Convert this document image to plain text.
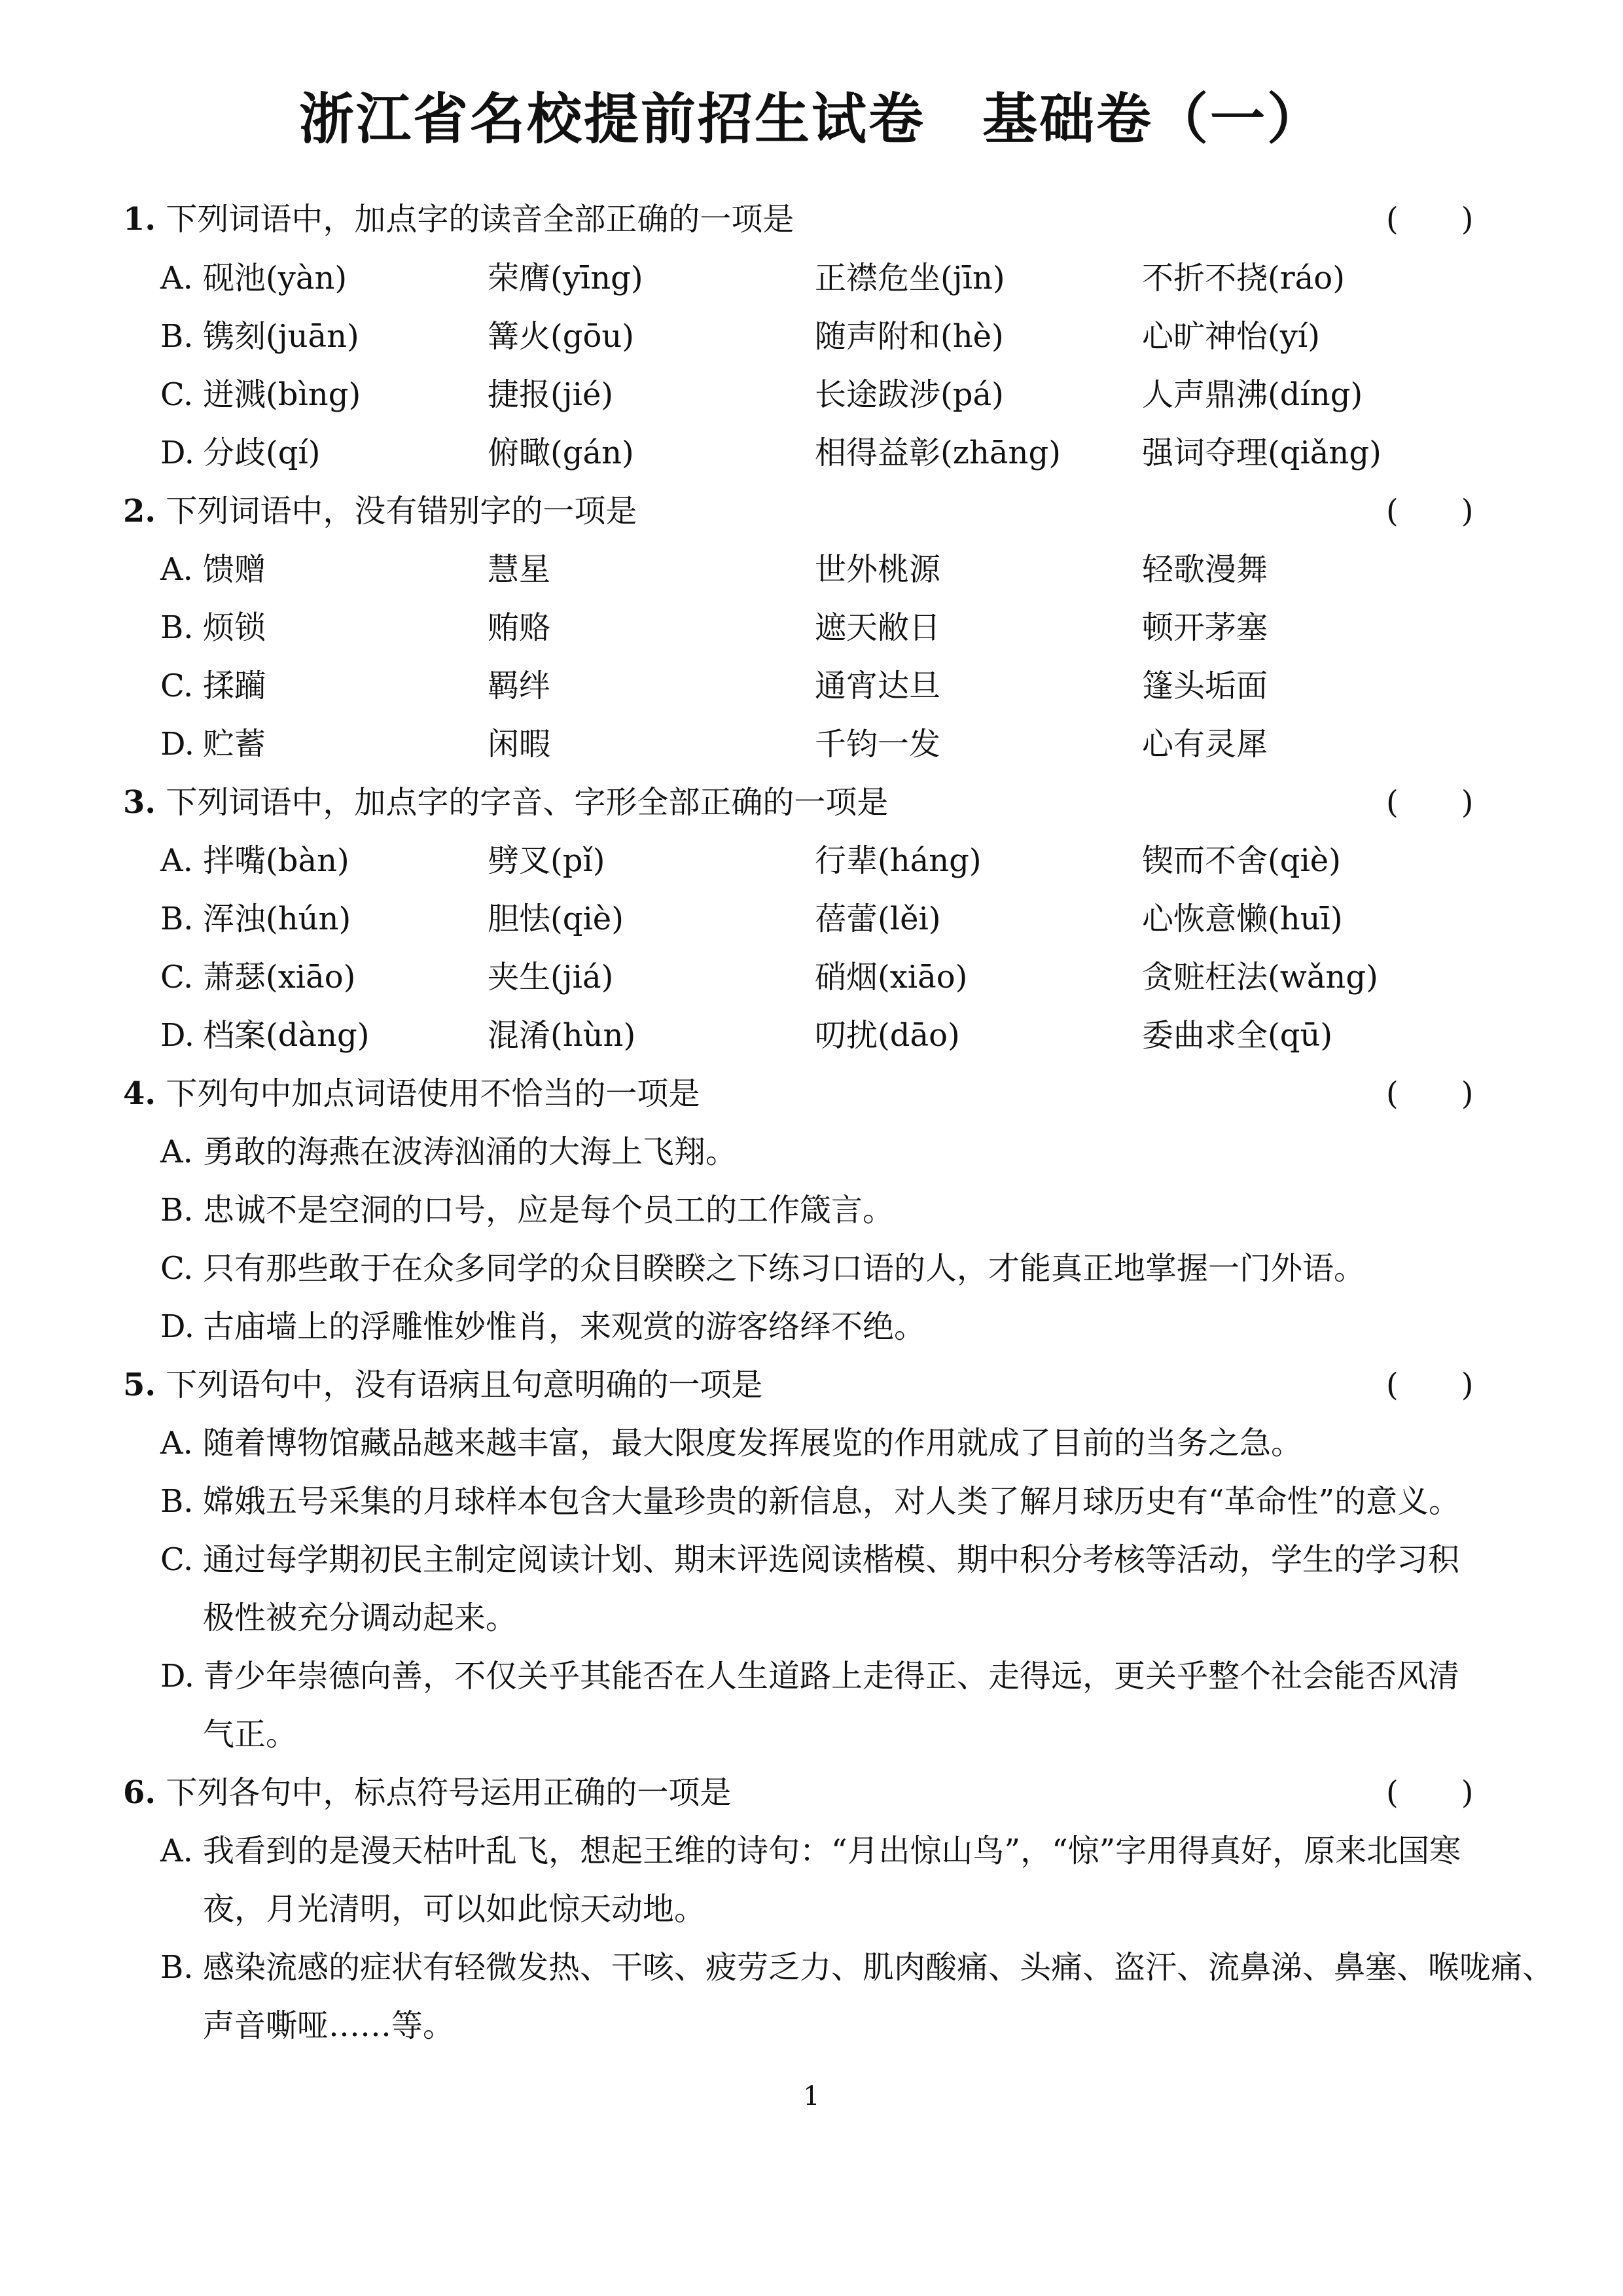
浙江省名校提前招生试卷　基础卷（一）
1. 下列词语中，加点字的读音全部正确的一项是	(　　)
A. 砚池(yàn)	荣膺(yīng)	正襟危坐(jīn)	不折不挠(ráo)
B. 镌刻(juān)	篝火(gōu)	随声附和(hè)	心旷神怡(yí)
C. 迸溅(bìng)	捷报(jié)	长途跋涉(pá)	人声鼎沸(díng)
D. 分歧(qí)	俯瞰(gán)	相得益彰(zhāng)	强词夺理(qiǎng)
2. 下列词语中，没有错别字的一项是	(　　)
A. 馈赠	慧星	世外桃源	轻歌漫舞
B. 烦锁	贿赂	遮天敝日	顿开茅塞
C. 揉躏	羁绊	通宵达旦	篷头垢面
D. 贮蓄	闲暇	千钧一发	心有灵犀
3. 下列词语中，加点字的字音、字形全部正确的一项是	(　　)
A. 拌嘴(bàn)	劈叉(pǐ)	行辈(háng)	锲而不舍(qiè)
B. 浑浊(hún)	胆怯(qiè)	蓓蕾(lěi)	心恢意懒(huī)
C. 萧瑟(xiāo)	夹生(jiá)	硝烟(xiāo)	贪赃枉法(wǎng)
D. 档案(dàng)	混淆(hùn)	叨扰(dāo)	委曲求全(qū)
4. 下列句中加点词语使用不恰当的一项是	(　　)
A. 勇敢的海燕在波涛汹涌的大海上飞翔。
B. 忠诚不是空洞的口号，应是每个员工的工作箴言。
C. 只有那些敢于在众多同学的众目睽睽之下练习口语的人，才能真正地掌握一门外语。
D. 古庙墙上的浮雕惟妙惟肖，来观赏的游客络绎不绝。
5. 下列语句中，没有语病且句意明确的一项是	(　　)
A. 随着博物馆藏品越来越丰富，最大限度发挥展览的作用就成了目前的当务之急。
B. 嫦娥五号采集的月球样本包含大量珍贵的新信息，对人类了解月球历史有“革命性”的意义。
C. 通过每学期初民主制定阅读计划、期末评选阅读楷模、期中积分考核等活动，学生的学习积
极性被充分调动起来。
D. 青少年崇德向善，不仅关乎其能否在人生道路上走得正、走得远，更关乎整个社会能否风清
气正。
6. 下列各句中，标点符号运用正确的一项是	(　　)
A. 我看到的是漫天枯叶乱飞，想起王维的诗句：“月出惊山鸟”，“惊”字用得真好，原来北国寒
夜，月光清明，可以如此惊天动地。
B. 感染流感的症状有轻微发热、干咳、疲劳乏力、肌肉酸痛、头痛、盗汗、流鼻涕、鼻塞、喉咙痛、
声音嘶哑……等。
1
